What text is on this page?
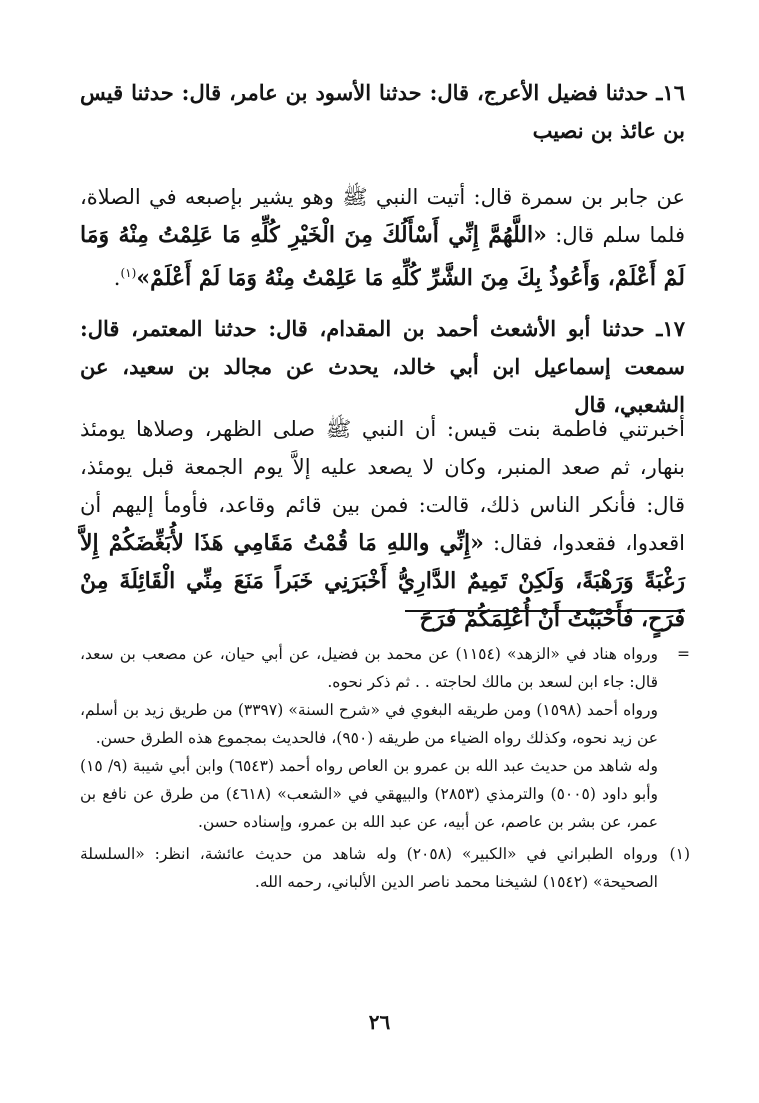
١٦ـ حدثنا فضيل الأعرج، قال: حدثنا الأسود بن عامر، قال: حدثنا قيس بن عائذ بن نصيب

عن جابر بن سمرة قال: أتيت النبي ﷺ وهو يشير بإصبعه في الصلاة، فلما سلم قال: «اللَّهُمَّ إِنِّي أَسْأَلُكَ مِنَ الْخَيْرِ كُلِّهِ مَا عَلِمْتُ مِنْهُ وَمَا لَمْ أَعْلَمْ، وَأَعُوذُ بِكَ مِنَ الشَّرِّ كُلِّهِ مَا عَلِمْتُ مِنْهُ وَمَا لَمْ أَعْلَمْ»$^{(١)}$.

١٧ـ حدثنا أبو الأشعث أحمد بن المقدام، قال: حدثنا المعتمر، قال: سمعت إسماعيل ابن أبي خالد، يحدث عن مجالد بن سعيد، عن الشعبي، قال

أخبرتني فاطمة بنت قيس: أن النبي ﷺ صلى الظهر، وصلاها يومئذ بنهار، ثم صعد المنبر، وكان لا يصعد عليه إلاَّ يوم الجمعة قبل يومئذ، قال: فأنكر الناس ذلك، قالت: فمن بين قائم وقاعد، فأومأ إليهم أن اقعدوا، فقعدوا، فقال: «إِنِّي واللهِ مَا قُمْتُ مَقَامِي هَذَا لأُبَغِّضَكُمْ إِلاَّ رَغْبَةً وَرَهْبَةً، وَلَكِنْ تَمِيمٌ الدَّارِيُّ أَخْبَرَنِي خَبَراً مَنَعَ مِنِّي الْقَائِلَةَ مِنْ فَرَحٍ، فَأَحْبَبْتُ أَنْ أُعْلِمَكُمْ فَرَحَ

=

ورواه هناد في «الزهد» (١١٥٤) عن محمد بن فضيل، عن أبي حيان، عن مصعب بن سعد، قال: جاء ابن لسعد بن مالك لحاجته . . ثم ذكر نحوه.

ورواه أحمد (١٥٩٨) ومن طريقه البغوي في «شرح السنة» (٣٣٩٧) من طريق زيد بن أسلم، عن زيد نحوه، وكذلك رواه الضياء من طريقه (٩٥٠)، فالحديث بمجموع هذه الطرق حسن.

وله شاهد من حديث عبد الله بن عمرو بن العاص رواه أحمد (٦٥٤٣) وابن أبي شيبة (٩/ ١٥) وأبو داود (٥٠٠٥) والترمذي (٢٨٥٣) والبيهقي في «الشعب» (٤٦١٨) من طرق عن نافع بن عمر، عن بشر بن عاصم، عن أبيه، عن عبد الله بن عمرو، وإسناده حسن.

(١)

ورواه الطبراني في «الكبير» (٢٠٥٨) وله شاهد من حديث عائشة، انظر: «السلسلة الصحيحة» (١٥٤٢) لشيخنا محمد ناصر الدين الألباني، رحمه الله.

٢٦
